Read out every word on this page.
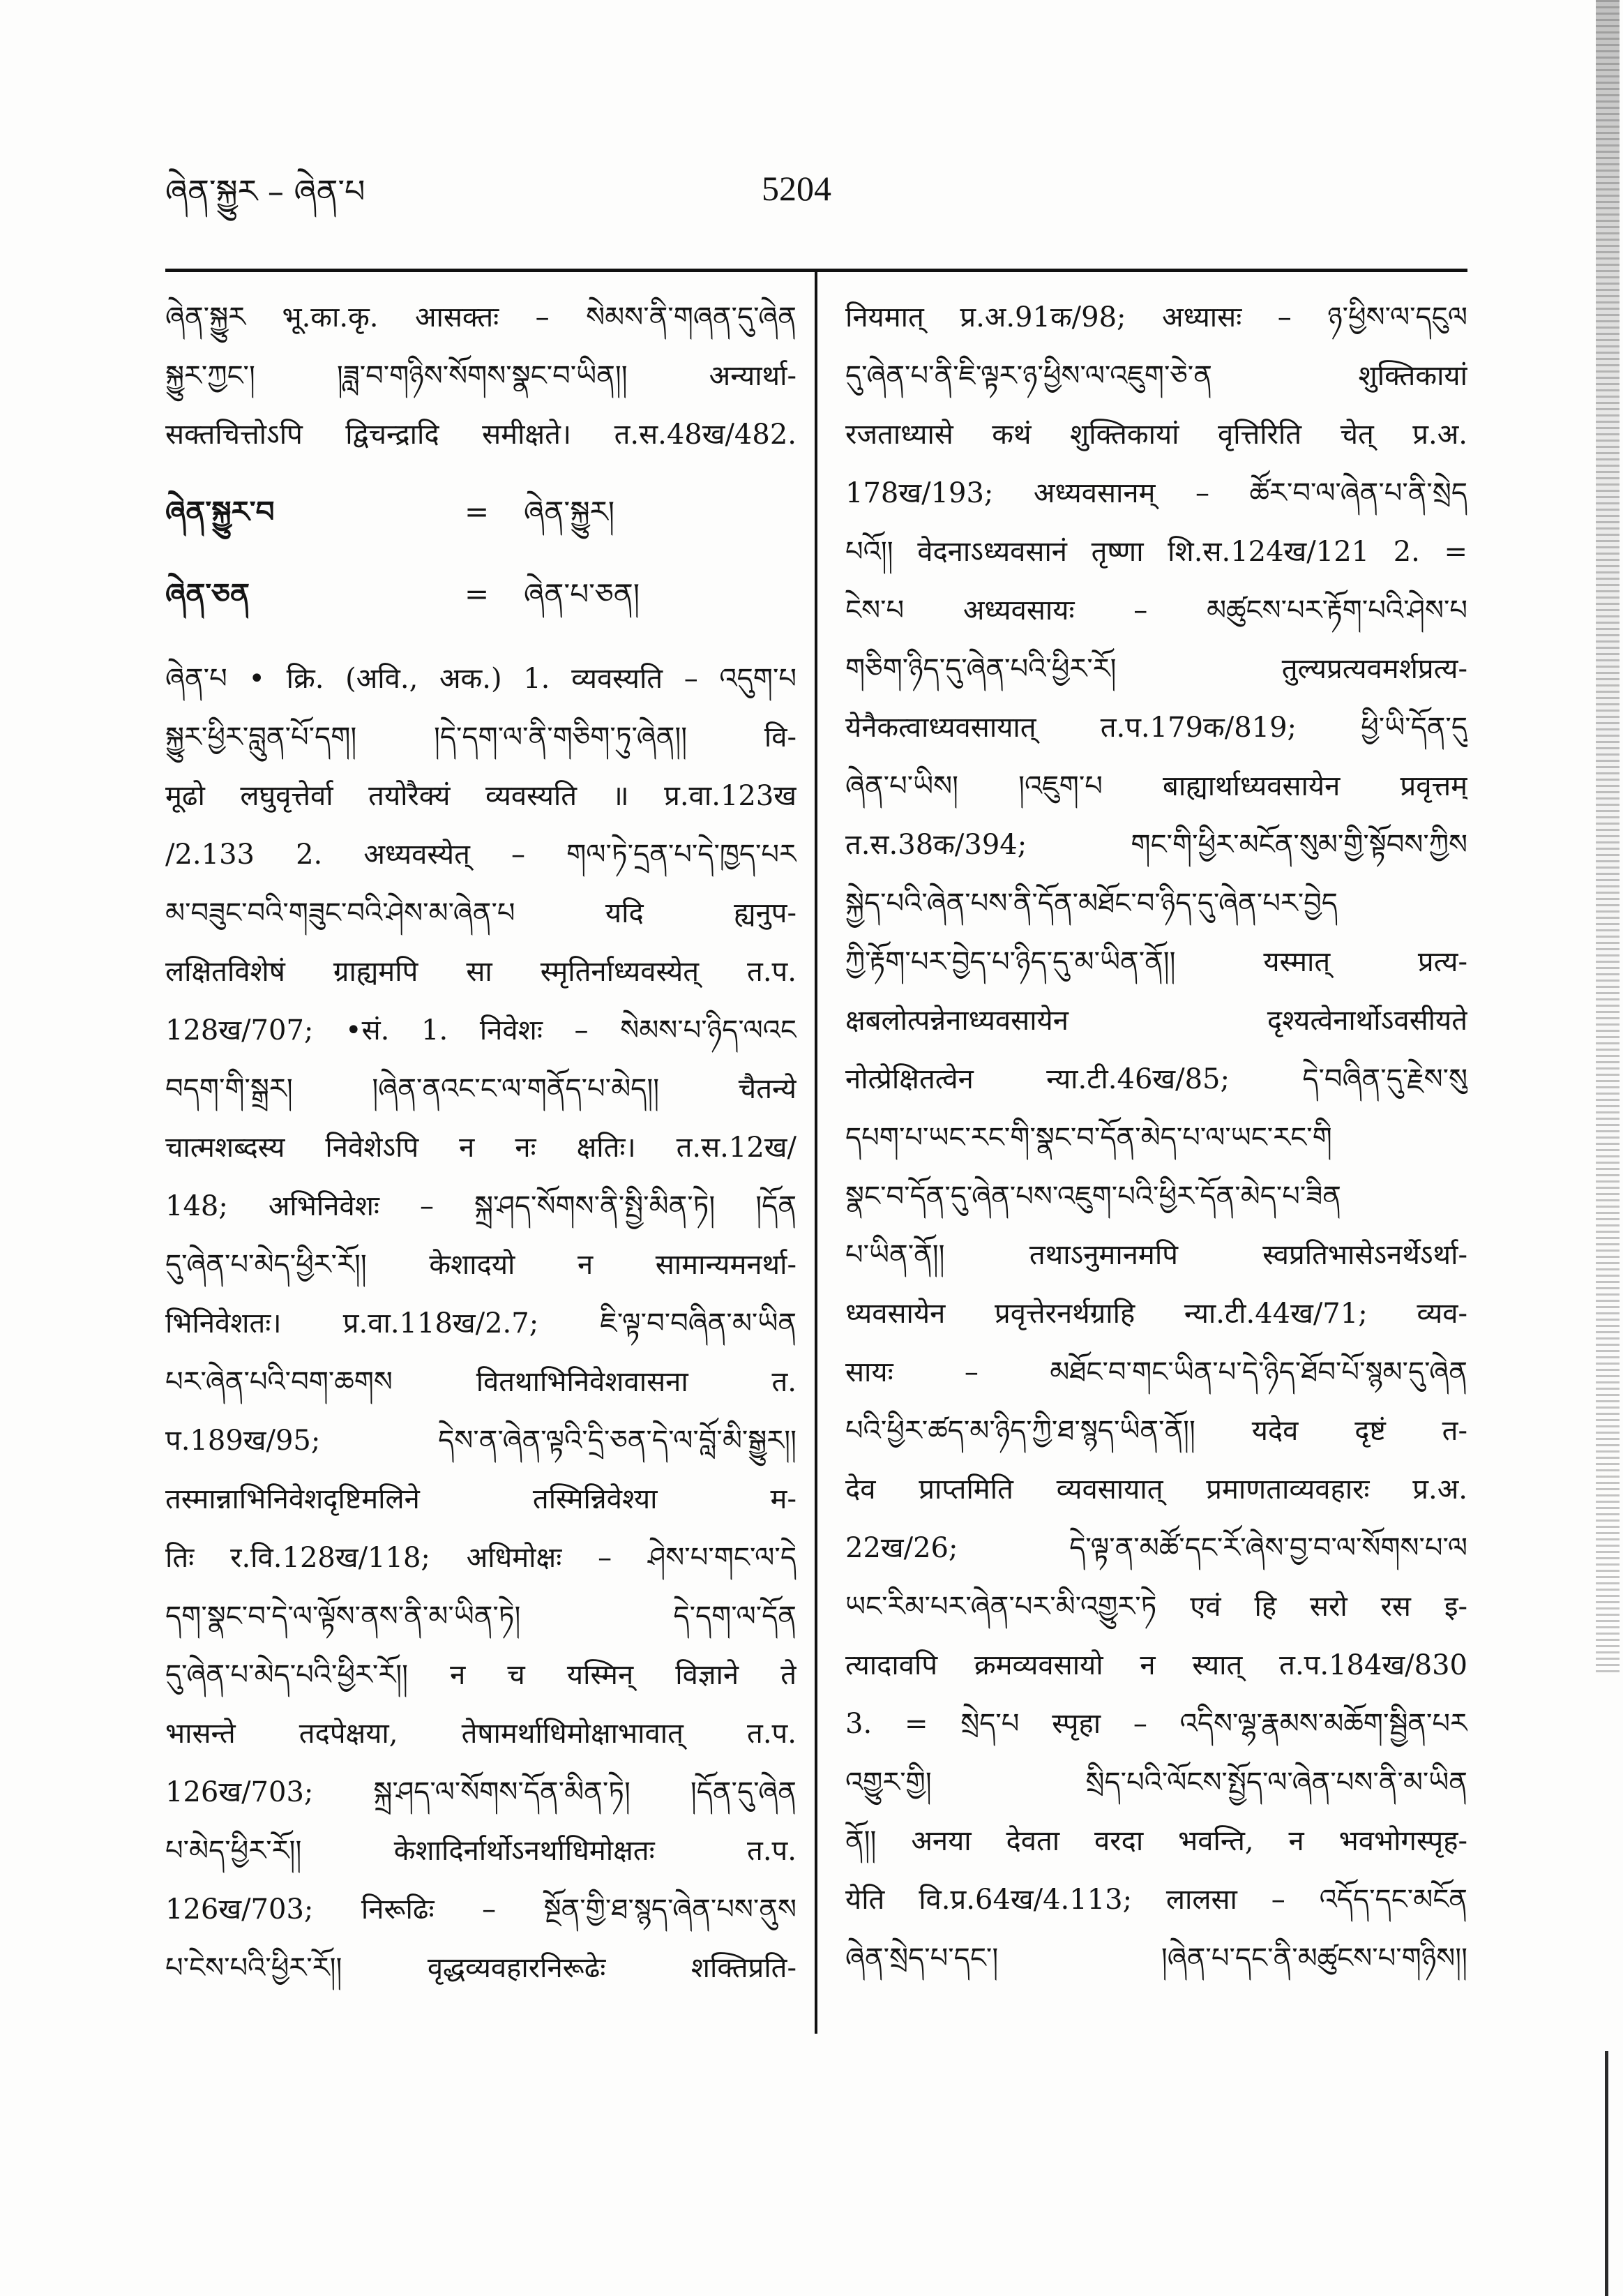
ཞེན་སྐྱུར – ཞེན་པ	5204
ཞེན་སྐྱུར भू.का.कृ. आसक्तः – སེམས་ནི་གཞན་དུ་ཞེན
སྐྱུར་ཀྱང་། །ཟླ་བ་གཉིས་སོགས་སྣང་བ་ཡིན།། अन्यार्था-
सक्तचित्तोऽपि द्विचन्द्रादि समीक्षते। त.स.48ख/482.
ཞེན་སྐྱུར་བ	= ཞེན་སྐྱུར།
ཞེན་ཅན	= ཞེན་པ་ཅན།
ཞེན་པ • क्रि. (अवि., अक.) 1. व्यवस्यति – འདུག་པ
སྐྱུར་ཕྱིར་བླུན་པོ་དག། །དེ་དག་ལ་ནི་གཅིག་ཏུ་ཞེན།། वि-
मूढो लघुवृत्तेर्वा तयोरैक्यं व्यवस्यति ॥ प्र.वा.123ख
/2.133 2. अध्यवस्येत् – གལ་ཏེ་དྲན་པ་དེ་ཁྱད་པར
མ་བཟུང་བའི་གཟུང་བའི་ཤེས་མ་ཞེན་པ यदि ह्यनुप-
लक्षितविशेषं ग्राह्यमपि सा स्मृतिर्नाध्यवस्येत् त.प.
128ख/707; •सं. 1. निवेशः – སེམས་པ་ཉིད་ལའང
བདག་གི་སྒྲར། །ཞེན་ནའང་ང་ལ་གནོད་པ་མེད།། चैतन्ये
चात्मशब्दस्य निवेशेऽपि न नः क्षतिः। त.स.12ख/
148; अभिनिवेशः – སྐྲ་ཤད་སོགས་ནི་སྤྱི་མིན་ཏེ། །དོན
དུ་ཞེན་པ་མེད་ཕྱིར་རོ།། केशादयो न सामान्यमनर्था-
भिनिवेशतः। प्र.वा.118ख/2.7; ཇི་ལྟ་བ་བཞིན་མ་ཡིན
པར་ཞེན་པའི་བག་ཆགས वितथाभिनिवेशवासना त.
प.189ख/95; དེས་ན་ཞེན་ལྟའི་དྲི་ཅན་དེ་ལ་བློ་མི་སྒྱུར།།
तस्मान्नाभिनिवेशदृष्टिमलिने तस्मिन्निवेश्या म-
तिः र.वि.128ख/118; अधिमोक्षः – ཤེས་པ་གང་ལ་དེ
དག་སྣང་བ་དེ་ལ་ལྟོས་ནས་ནི་མ་ཡིན་ཏེ། དེ་དག་ལ་དོན
དུ་ཞེན་པ་མེད་པའི་ཕྱིར་རོ།། न च यस्मिन् विज्ञाने ते
भासन्ते तदपेक्षया, तेषामर्थाधिमोक्षाभावात् त.प.
126ख/703; སྐྲ་ཤད་ལ་སོགས་དོན་མིན་ཏེ། །དོན་དུ་ཞེན
པ་མེད་ཕྱིར་རོ།། केशादिर्नार्थोऽनर्थाधिमोक्षतः त.प.
126ख/703; निरूढिः – སྔོན་གྱི་ཐ་སྙད་ཞེན་པས་ནུས
པ་ངེས་པའི་ཕྱིར་རོ།། वृद्धव्यवहारनिरूढेः शक्तिप्रति-
नियमात् प्र.अ.91क/98; अध्यासः – ཉ་ཕྱིས་ལ་དངུལ
དུ་ཞེན་པ་ནི་ཇི་ལྟར་ཉ་ཕྱིས་ལ་འཇུག་ཅེ་ན शुक्तिकायां
रजताध्यासे कथं शुक्तिकायां वृत्तिरिति चेत् प्र.अ.
178ख/193; अध्यवसानम् – ཚོར་བ་ལ་ཞེན་པ་ནི་སྲེད
པའོ།། वेदनाऽध्यवसानं तृष्णा शि.स.124ख/121 2. =
ངེས་པ अध्यवसायः – མཚུངས་པར་རྟོག་པའི་ཤེས་པ
གཅིག་ཉིད་དུ་ཞེན་པའི་ཕྱིར་རོ། तुल्यप्रत्यवमर्शप्रत्य-
येनैकत्वाध्यवसायात् त.प.179क/819; ཕྱི་ཡི་དོན་དུ
ཞེན་པ་ཡིས། །འཇུག་པ बाह्यार्थाध्यवसायेन प्रवृत्तम्
त.स.38क/394; གང་གི་ཕྱིར་མངོན་སུམ་གྱི་སྟོབས་ཀྱིས
སྐྱེད་པའི་ཞེན་པས་ནི་དོན་མཐོང་བ་ཉིད་དུ་ཞེན་པར་བྱེད
ཀྱི་རྟོག་པར་བྱེད་པ་ཉིད་དུ་མ་ཡིན་ནོ།། यस्मात् प्रत्य-
क्षबलोत्पन्नेनाध्यवसायेन दृश्यत्वेनार्थोऽवसीयते
नोत्प्रेक्षितत्वेन न्या.टी.46ख/85; དེ་བཞིན་དུ་རྗེས་སུ
དཔག་པ་ཡང་རང་གི་སྣང་བ་དོན་མེད་པ་ལ་ཡང་རང་གི
སྣང་བ་དོན་དུ་ཞེན་པས་འཇུག་པའི་ཕྱིར་དོན་མེད་པ་ཟིན
པ་ཡིན་ནོ།། तथाऽनुमानमपि स्वप्रतिभासेऽनर्थेऽर्था-
ध्यवसायेन प्रवृत्तेरनर्थग्राहि न्या.टी.44ख/71; व्यव-
सायः – མཐོང་བ་གང་ཡིན་པ་དེ་ཉིད་ཐོབ་པོ་སྙམ་དུ་ཞེན
པའི་ཕྱིར་ཚད་མ་ཉིད་ཀྱི་ཐ་སྙད་ཡིན་ནོ།། यदेव दृष्टं त-
देव प्राप्तमिति व्यवसायात् प्रमाणताव्यवहारः प्र.अ.
22ख/26; དེ་ལྟ་ན་མཚོ་དང་རོ་ཞེས་བྱ་བ་ལ་སོགས་པ་ལ
ཡང་རིམ་པར་ཞེན་པར་མི་འགྱུར་ཏེ एवं हि सरो रस इ-
त्यादावपि क्रमव्यवसायो न स्यात् त.प.184ख/830
3. = སྲེད་པ स्पृहा – འདིས་ལྷ་རྣམས་མཆོག་སྦྱིན་པར
འགྱུར་གྱི། སྲིད་པའི་ལོངས་སྤྱོད་ལ་ཞེན་པས་ནི་མ་ཡིན
ནོ།། अनया देवता वरदा भवन्ति, न भवभोगस्पृह-
येति वि.प्र.64ख/4.113; लालसा – འདོད་དང་མངོན
ཞེན་སྲེད་པ་དང་། །ཞེན་པ་དང་ནི་མཚུངས་པ་གཉིས།།
